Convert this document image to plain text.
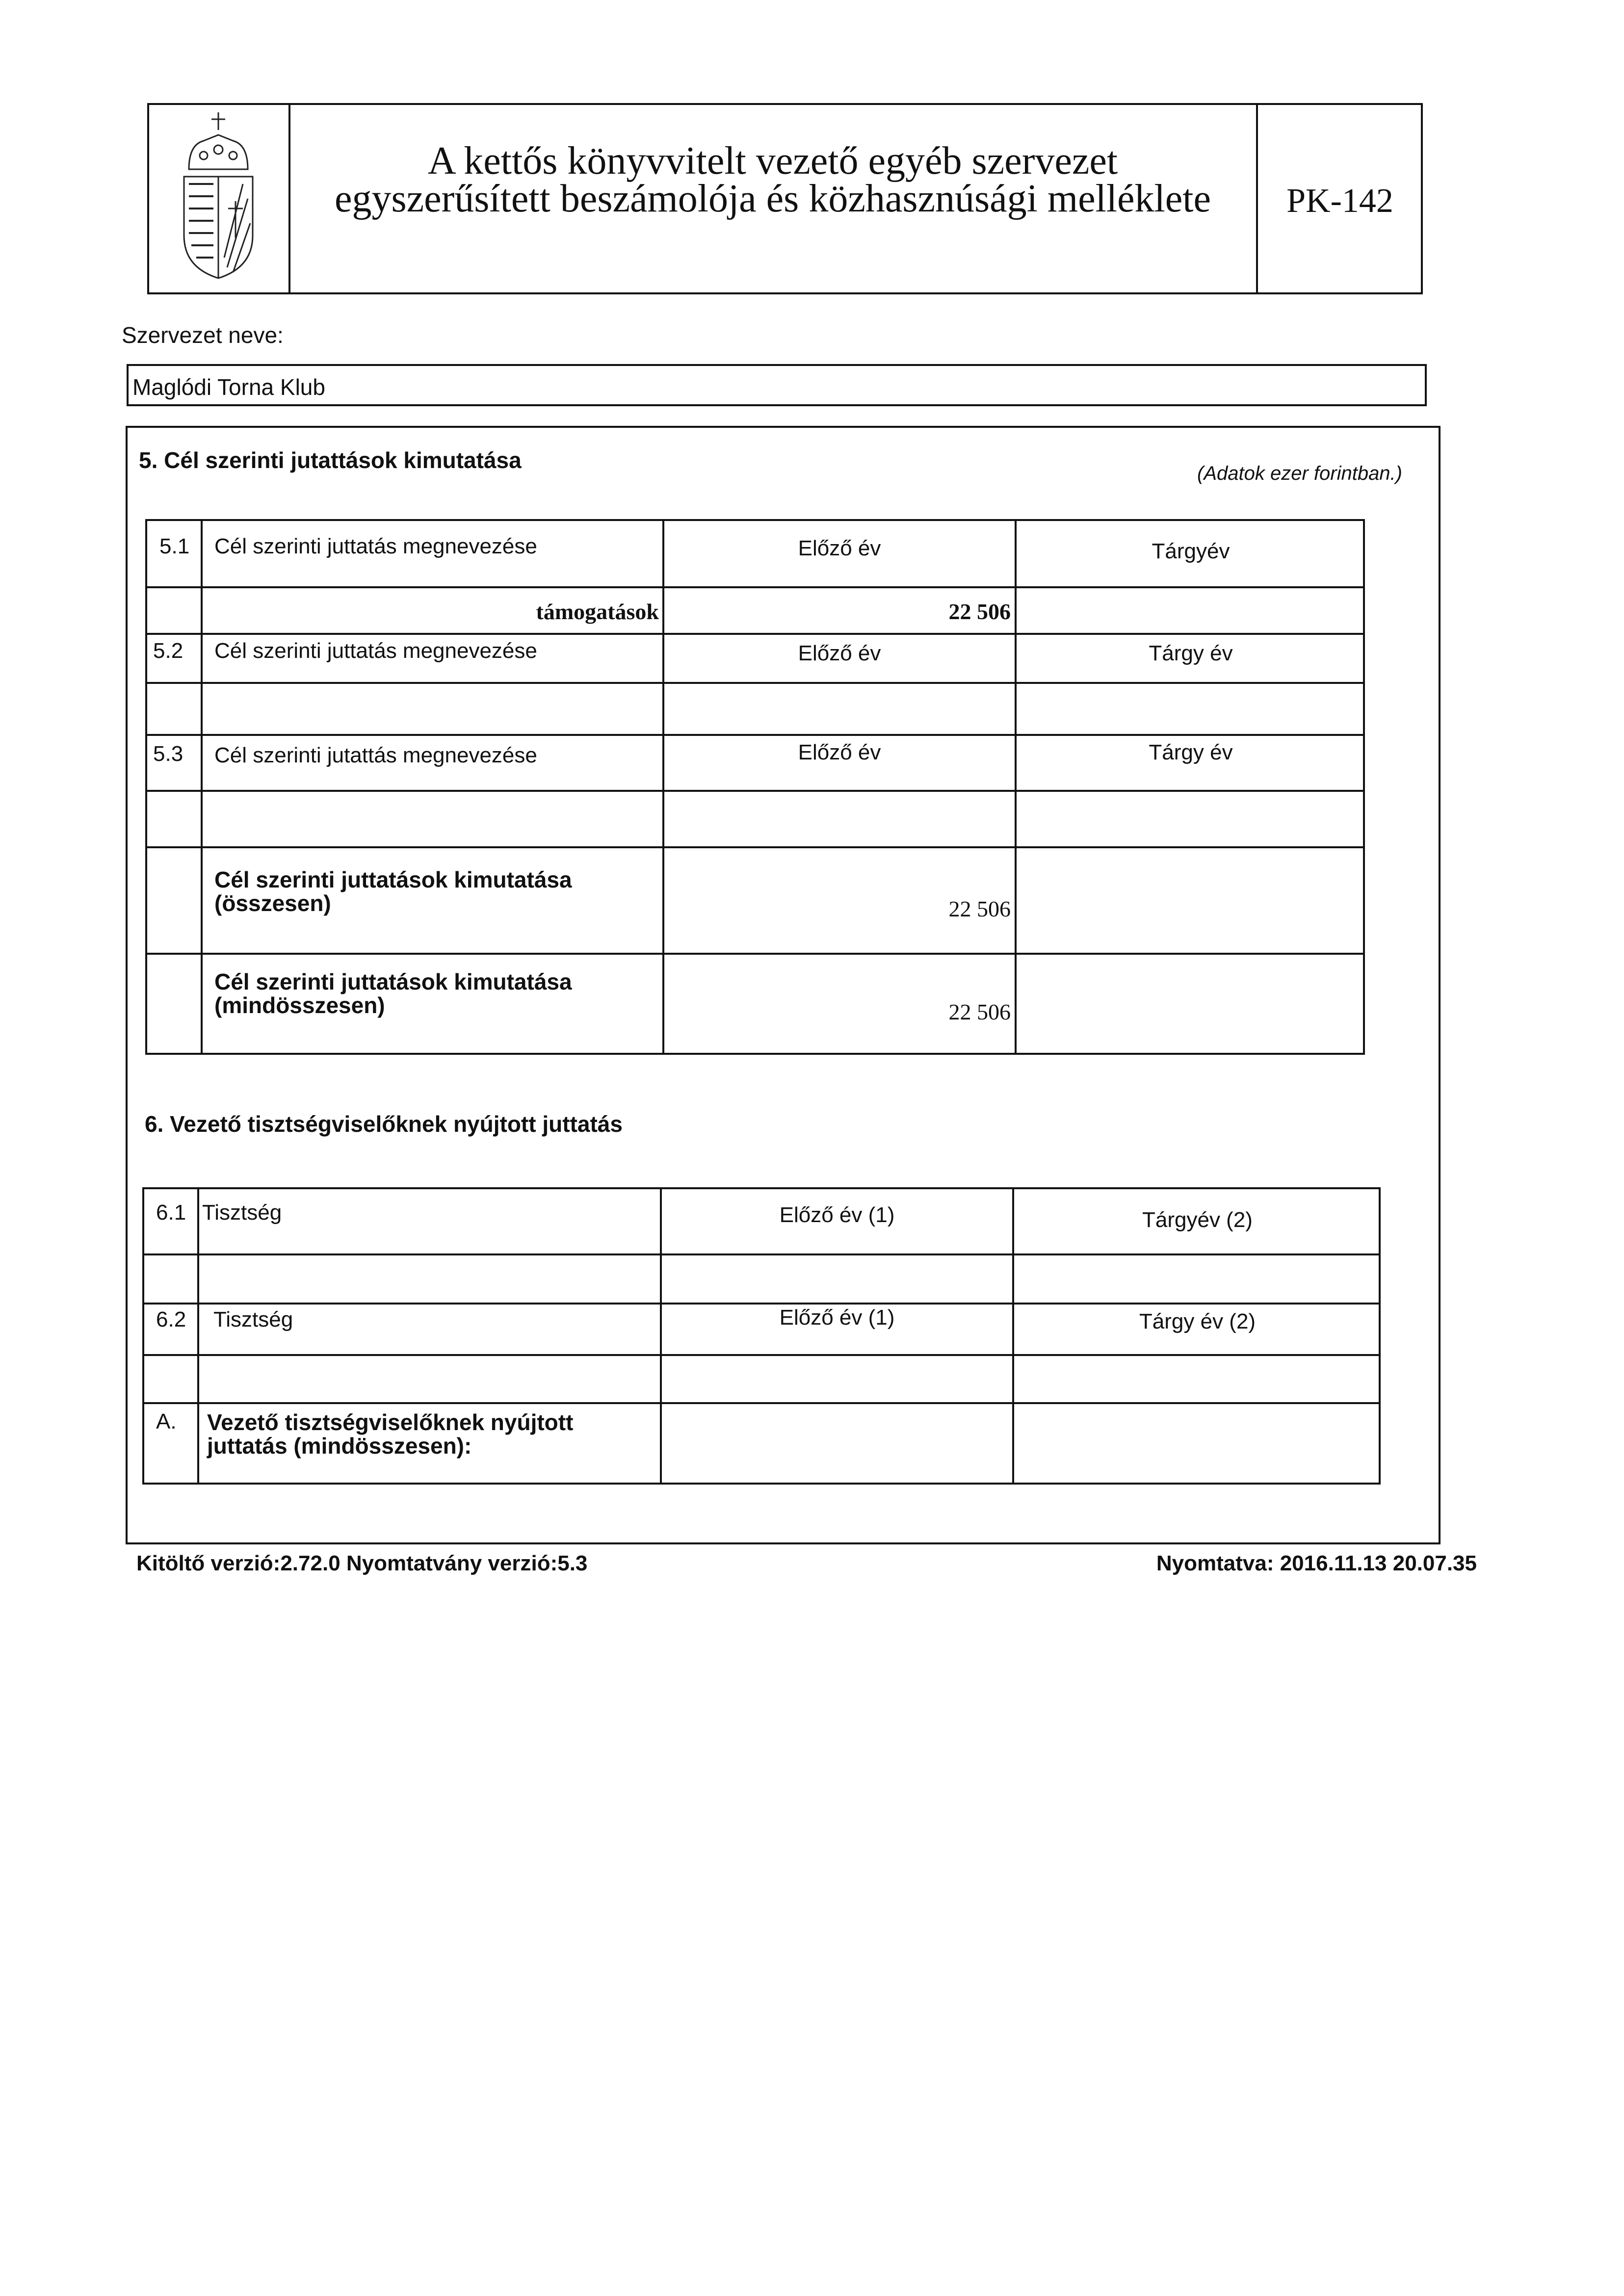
A kettős könyvvitelt vezető egyéb szervezet
egyszerűsített beszámolója és közhasznúsági melléklete	PK-142
Szervezet neve:
Maglódi Torna Klub
5. Cél szerinti jutattások kimutatása
(Adatok ezer forintban.)
5.1 Cél szerinti juttatás megnevezése	Előző év	Tárgyév
támogatások	22 506
5.2 Cél szerinti juttatás megnevezése	Előző év	Tárgy év
5.3 Cél szerinti jutattás megnevezése	Előző év	Tárgy év
Cél szerinti juttatások kimutatása
(összesen)	22 506
Cél szerinti juttatások kimutatása
(mindösszesen)	22 506
6. Vezető tisztségviselőknek nyújtott juttatás
6.1 Tisztség	Előző év (1)	Tárgyév (2)
6.2 Tisztség	Előző év (1)	Tárgy év (2)
A. Vezető tisztségviselőknek nyújtott
juttatás (mindösszesen):
Kitöltő verzió:2.72.0 Nyomtatvány verzió:5.3	Nyomtatva: 2016.11.13 20.07.35
